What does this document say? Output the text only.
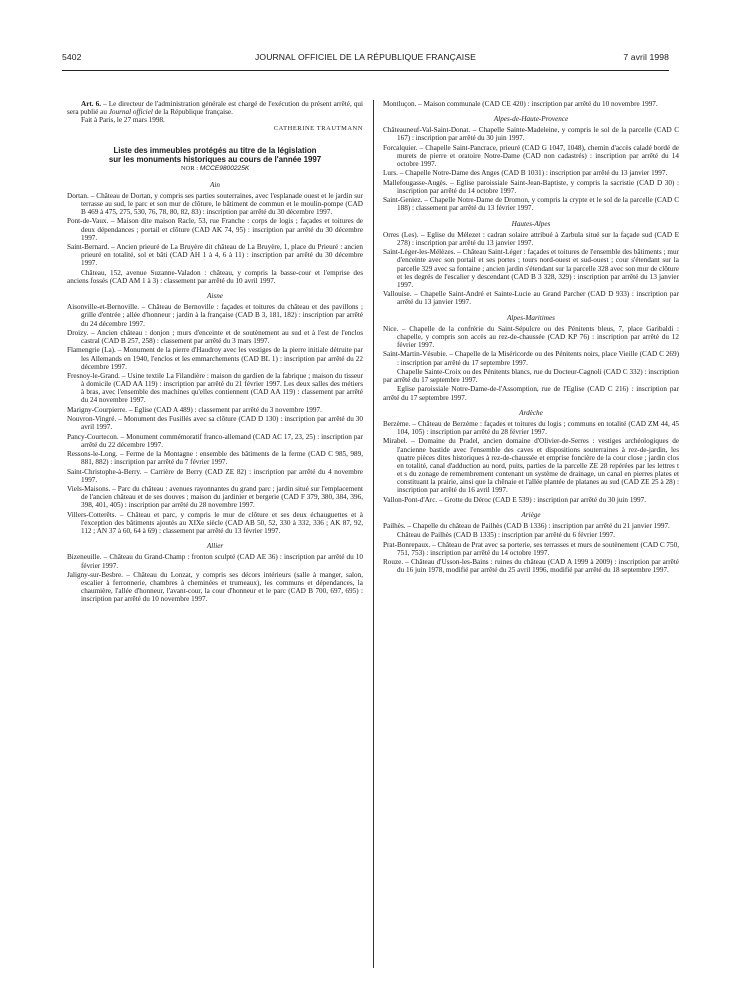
5402	JOURNAL OFFICIEL DE LA RÉPUBLIQUE FRANÇAISE	7 avril 1998

Art. 6. – Le directeur de l'administration générale est chargé de l'exécution du présent arrêté, qui sera publié au Journal officiel de la République française.

Fait à Paris, le 27 mars 1998.

CATHERINE TRAUTMANN

Liste des immeubles protégés au titre de la législation
sur les monuments historiques au cours de l'année 1997
NOR : MCCE9800225K
Ain

Dortan. – Château de Dortan, y compris ses parties souterraines, avec l'esplanade ouest et le jardin sur terrasse au sud, le parc et son mur de clôture, le bâtiment de commun et le moulin-pompe (CAD B 469 à 475, 275, 530, 76, 78, 80, 82, 83) : inscription par arrêté du 30 décembre 1997.

Pont-de-Vaux. – Maison dite maison Racle, 53, rue Franche : corps de logis ; façades et toitures de deux dépendances ; portail et clôture (CAD AK 74, 95) : inscription par arrêté du 30 décembre 1997.

Saint-Bernard. – Ancien prieuré de La Bruyère dit château de La Bruyère, 1, place du Prieuré : ancien prieuré en totalité, sol et bâti (CAD AH 1 à 4, 6 à 11) : inscription par arrêté du 30 décembre 1997.

Château, 152, avenue Suzanne-Valadon : château, y compris la basse-cour et l'emprise des anciens fossés (CAD AM 1 à 3) : classement par arrêté du 10 avril 1997.

Aisne

Aisonville-et-Bernoville. – Château de Bernoville : façades et toitures du château et des pavillons ; grille d'entrée ; allée d'honneur ; jardin à la française (CAD B 3, 181, 182) : inscription par arrêté du 24 décembre 1997.

Droizy. – Ancien château : donjon ; murs d'enceinte et de soutènement au sud et à l'est de l'enclos castral (CAD B 257, 258) : classement par arrêté du 3 mars 1997.

Flamengrie (La). – Monument de la pierre d'Haudroy avec les vestiges de la pierre initiale détruite par les Allemands en 1940, l'enclos et les emmarchements (CAD BL 1) : inscription par arrêté du 22 décembre 1997.

Fresnoy-le-Grand. – Usine textile La Filandière : maison du gardien de la fabrique ; maison du tisseur à domicile (CAD AA 119) : inscription par arrêté du 21 février 1997. Les deux salles des métiers à bras, avec l'ensemble des machines qu'elles contiennent (CAD AA 119) : classement par arrêté du 24 novembre 1997.

Marigny-Courpierre. – Eglise (CAD A 489) : classement par arrêté du 3 novembre 1997.

Nouvron-Vingré. – Monument des Fusillés avec sa clôture (CAD D 130) : inscription par arrêté du 30 avril 1997.

Pancy-Courtecon. – Monument commémoratif franco-allemand (CAD AC 17, 23, 25) : inscription par arrêté du 22 décembre 1997.

Ressons-le-Long. – Ferme de la Montagne : ensemble des bâtiments de la ferme (CAD C 985, 989, 881, 882) : inscription par arrêté du 7 février 1997.

Saint-Christophe-à-Berry. – Carrière de Berry (CAD ZE 82) : inscription par arrêté du 4 novembre 1997.

Viels-Maisons. – Parc du château : avenues rayonnantes du grand parc ; jardin situé sur l'emplacement de l'ancien château et de ses douves ; maison du jardinier et bergerie (CAD F 379, 380, 384, 396, 398, 401, 405) : inscription par arrêté du 28 novembre 1997.

Villers-Cotterêts. – Château et parc, y compris le mur de clôture et ses deux échauguettes et à l'exception des bâtiments ajoutés au XIXe siècle (CAD AB 50, 52, 330 à 332, 336 ; AK 87, 92, 112 ; AN 37 à 60, 64 à 69) : classement par arrêté du 13 février 1997.

Allier

Bizeneuille. – Château du Grand-Champ : fronton sculpté (CAD AE 36) : inscription par arrêté du 10 février 1997.

Jaligny-sur-Besbre. – Château du Lonzat, y compris ses décors intérieurs (salle à manger, salon, escalier à ferronnerie, chambres à cheminées et trumeaux), les communs et dépendances, la chaumière, l'allée d'honneur, l'avant-cour, la cour d'honneur et le parc (CAD B 700, 697, 695) : inscription par arrêté du 10 novembre 1997.

Montluçon. – Maison communale (CAD CE 420) : inscription par arrêté du 10 novembre 1997.

Alpes-de-Haute-Provence

Châteauneuf-Val-Saint-Donat. – Chapelle Sainte-Madeleine, y compris le sol de la parcelle (CAD C 167) : inscription par arrêté du 30 juin 1997.

Forcalquier. – Chapelle Saint-Pancrace, prieuré (CAD G 1047, 1048), chemin d'accès caladé bordé de murets de pierre et oratoire Notre-Dame (CAD non cadastrés) : inscription par arrêté du 14 octobre 1997.

Lurs. – Chapelle Notre-Dame des Anges (CAD B 1031) : inscription par arrêté du 13 janvier 1997.

Mallefougasse-Augès. – Eglise paroissiale Saint-Jean-Baptiste, y compris la sacristie (CAD D 30) : inscription par arrêté du 14 octobre 1997.

Saint-Geniez. – Chapelle Notre-Dame de Dromon, y compris la crypte et le sol de la parcelle (CAD C 188) : classement par arrêté du 13 février 1997.

Hautes-Alpes

Orres (Les). – Eglise du Mélezet : cadran solaire attribué à Zarbula situé sur la façade sud (CAD E 278) : inscription par arrêté du 13 janvier 1997.

Saint-Léger-les-Mélèzes. – Château Saint-Léger : façades et toitures de l'ensemble des bâtiments ; mur d'enceinte avec son portail et ses portes ; tours nord-ouest et sud-ouest ; cour s'étendant sur la parcelle 329 avec sa fontaine ; ancien jardin s'étendant sur la parcelle 328 avec son mur de clôture et les degrés de l'escalier y descendant (CAD B 3 328, 329) : inscription par arrêté du 13 janvier 1997.

Vallouise. – Chapelle Saint-André et Sainte-Lucie au Grand Parcher (CAD D 933) : inscription par arrêté du 13 janvier 1997.

Alpes-Maritimes

Nice. – Chapelle de la confrérie du Saint-Sépulcre ou des Pénitents bleus, 7, place Garibaldi : chapelle, y compris son accès au rez-de-chaussée (CAD KP 76) : inscription par arrêté du 12 février 1997.

Saint-Martin-Vésubie. – Chapelle de la Miséricorde ou des Pénitents noirs, place Vieille (CAD C 269) : inscription par arrêté du 17 septembre 1997.

Chapelle Sainte-Croix ou des Pénitents blancs, rue du Docteur-Cagnoli (CAD C 332) : inscription par arrêté du 17 septembre 1997.

Eglise paroissiale Notre-Dame-de-l'Assomption, rue de l'Eglise (CAD C 216) : inscription par arrêté du 17 septembre 1997.

Ardèche

Berzème. – Château de Berzème : façades et toitures du logis ; communs en totalité (CAD ZM 44, 45 104, 105) : inscription par arrêté du 28 février 1997.

Mirabel. – Domaine du Pradel, ancien domaine d'Olivier-de-Serres : vestiges archéologiques de l'ancienne bastide avec l'ensemble des caves et dispositions souterraines à rez-de-jardin, les quatre pièces dites historiques à rez-de-chaussée et emprise foncière de la cour close ; jardin clos en totalité, canal d'adduction au nord, puits, parties de la parcelle ZE 28 repérées par les lettres t et s du zonage de remembrement contenant un système de drainage, un canal en pierres plates et constituant la prairie, ainsi que la chênaie et l'allée plantée de platanes au sud (CAD ZE 25 à 28) : inscription par arrêté du 16 avril 1997.

Vallon-Pont-d'Arc. – Grotte du Déroc (CAD E 539) : inscription par arrêté du 30 juin 1997.

Ariège

Pailhès. – Chapelle du château de Pailhès (CAD B 1336) : inscription par arrêté du 21 janvier 1997.

Château de Pailhès (CAD B 1335) : inscription par arrêté du 6 février 1997.

Prat-Bonrepaux. – Château de Prat avec sa porterie, ses terrasses et murs de soutènement (CAD C 750, 751, 753) : inscription par arrêté du 14 octobre 1997.

Rouze. – Château d'Usson-les-Bains : ruines du château (CAD A 1999 à 2009) : inscription par arrêté du 16 juin 1978, modifié par arrêté du 25 avril 1996, modifié par arrêté du 18 septembre 1997.
